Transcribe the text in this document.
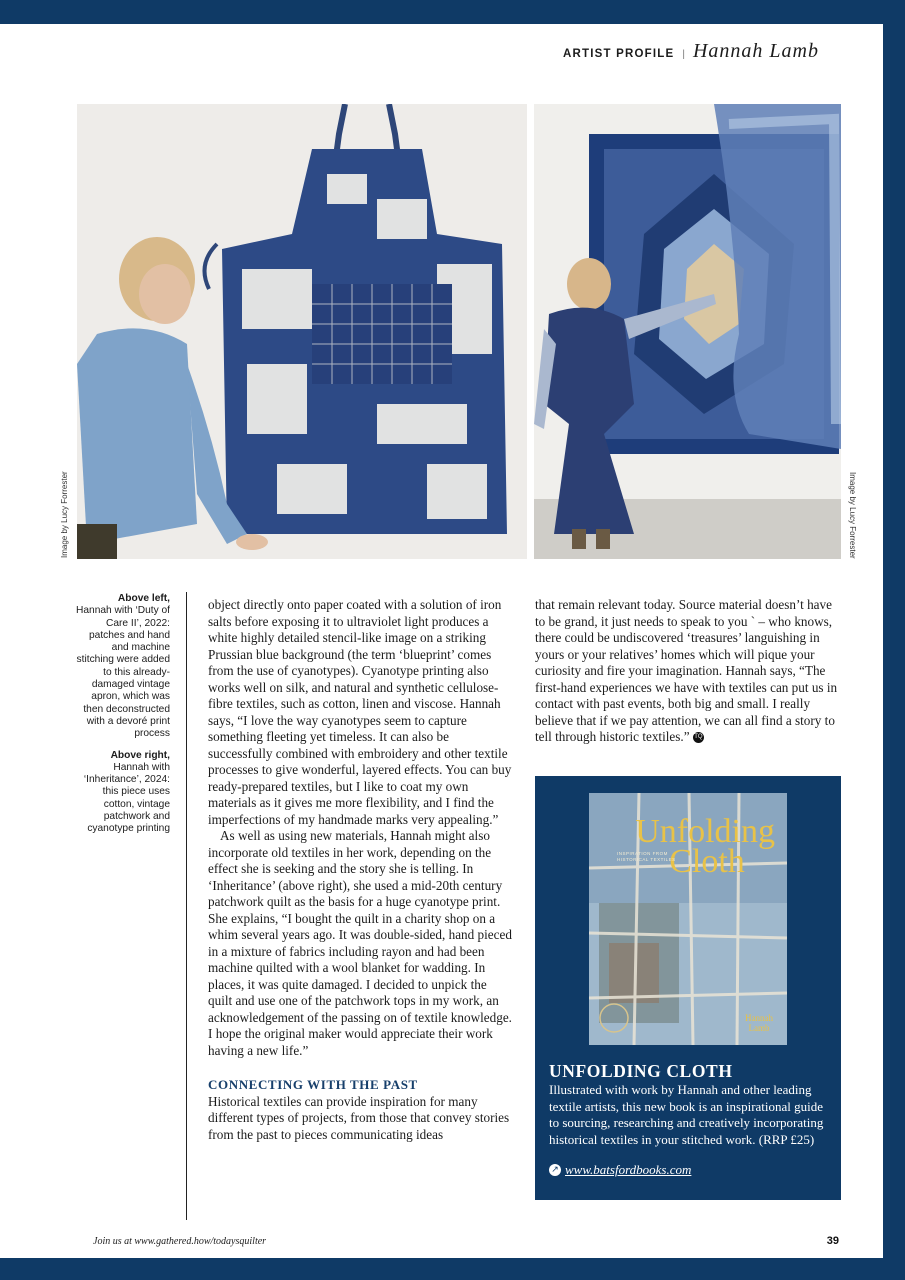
ARTIST PROFILE | Hannah Lamb
Image by Lucy Forrester	Image by Lucy Forrester
Above left,
Hannah with ‘Duty of Care II’, 2022: patches and hand and machine stitching were added to this already-damaged vintage apron, which was then deconstructed with a devoré print process
Above right,
Hannah with ‘Inheritance’, 2024: this piece uses cotton, vintage patchwork and cyanotype printing

object directly onto paper coated with a solution of iron salts before exposing it to ultraviolet light produces a white highly detailed stencil-like image on a striking Prussian blue background (the term ‘blueprint’ comes from the use of cyanotypes). Cyanotype printing also works well on silk, and natural and synthetic cellulose-fibre textiles, such as cotton, linen and viscose. Hannah says, “I love the way cyanotypes seem to capture something fleeting yet timeless. It can also be successfully combined with embroidery and other textile processes to give wonderful, layered effects. You can buy ready-prepared textiles, but I like to coat my own materials as it gives me more flexibility, and I find the imperfections of my handmade marks very appealing.”

As well as using new materials, Hannah might also incorporate old textiles in her work, depending on the effect she is seeking and the story she is telling. In ‘Inheritance’ (above right), she used a mid-20th century patchwork quilt as the basis for a huge cyanotype print. She explains, “I bought the quilt in a charity shop on a whim several years ago. It was double-sided, hand pieced in a mixture of fabrics including rayon and had been machine quilted with a wool blanket for wadding. In places, it was quite damaged. I decided to unpick the quilt and use one of the patchwork tops in my work, an acknowledgement of the passing on of textile knowledge. I hope the original maker would appreciate their work having a new life.”

CONNECTING WITH THE PAST

Historical textiles can provide inspiration for many different types of projects, from those that convey stories from the past to pieces communicating ideas

that remain relevant today. Source material doesn’t have to be grand, it just needs to speak to you ` – who knows, there could be undiscovered ‘treasures’ languishing in yours or your relatives’ homes which will pique your curiosity and fire your imagination. Hannah says, “The first-hand experiences we have with textiles can put us in contact with past events, both big and small. I really believe that if we pay attention, we can all find a story to tell through historic textiles.” TQ

Unfolding
Cloth
INSPIRATION FROM HISTORICAL TEXTILES
Hannah
Lamb
UNFOLDING CLOTH

Illustrated with work by Hannah and other leading textile artists, this new book is an inspirational guide to sourcing, researching and creatively incorporating historical textiles in your stitched work. (RRP £25)

↗ www.batsfordbooks.com
Join us at www.gathered.how/todaysquilter	39
